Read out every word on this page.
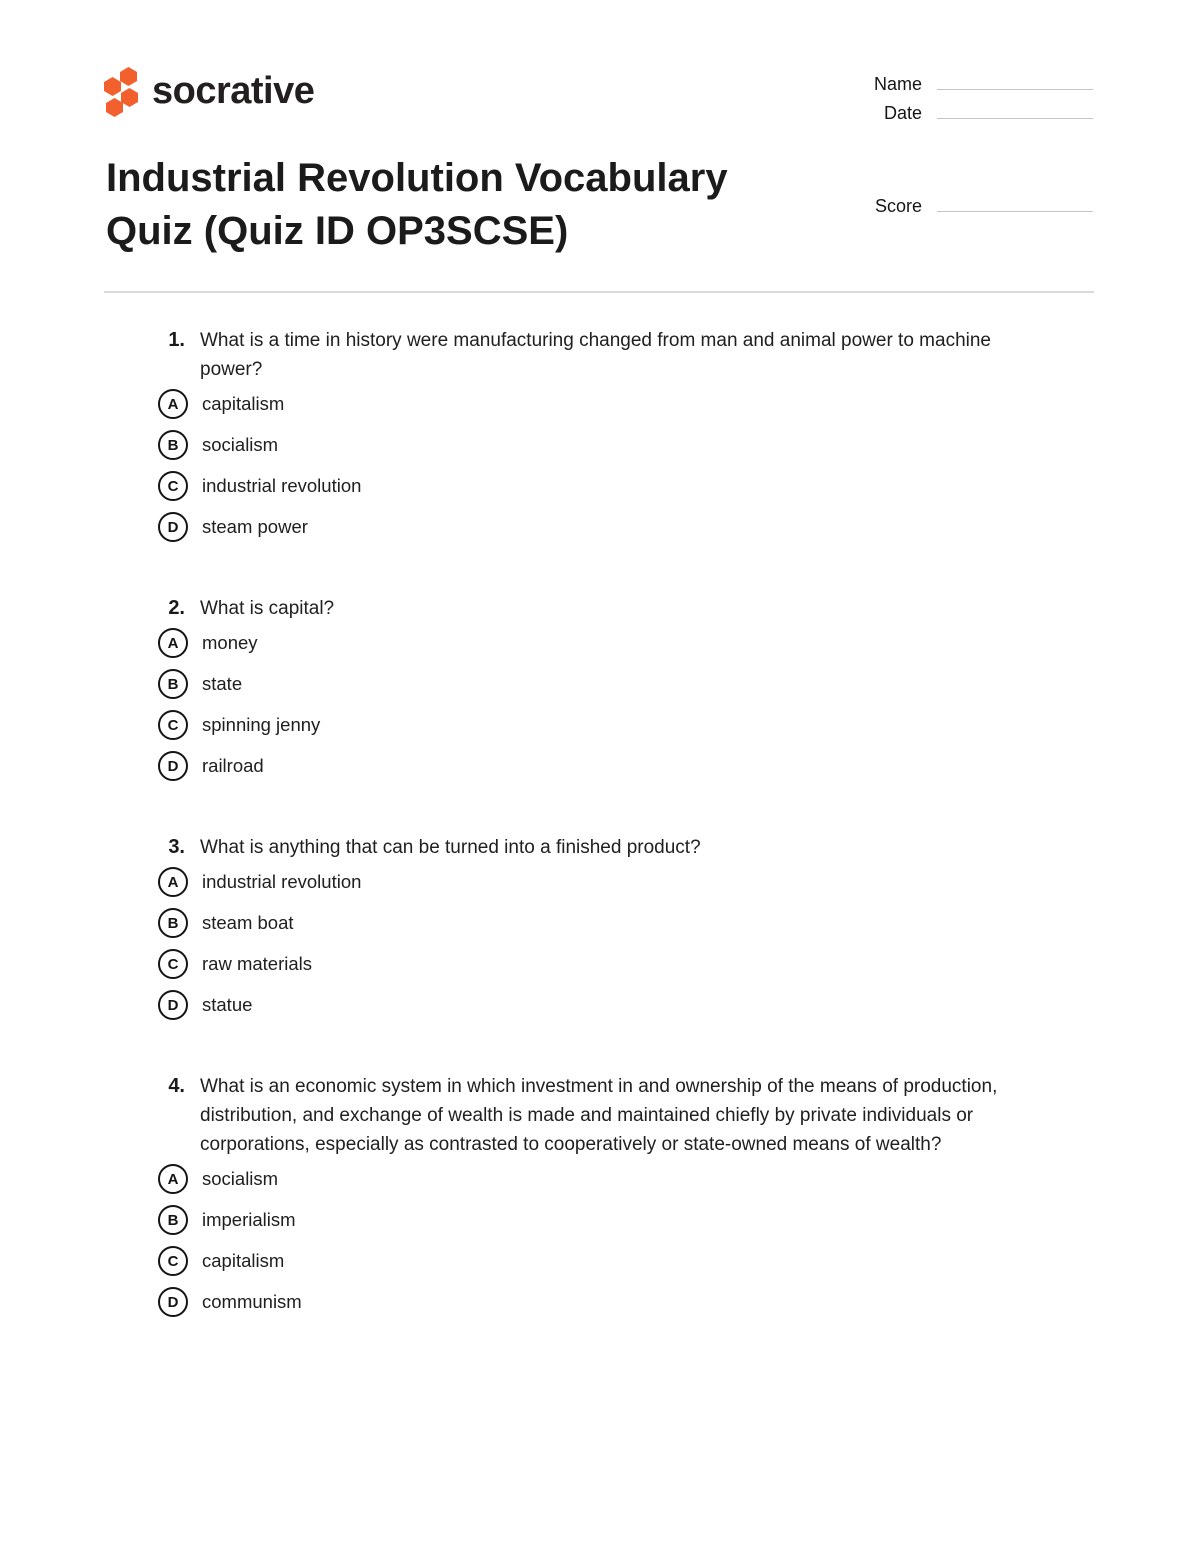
socrative	Name
Date
Industrial Revolution Vocabulary
Quiz (Quiz ID OP3SCSE)
Score
1. What is a time in history were manufacturing changed from man and animal power to machine
power?
A	capitalism
B	socialism
C	industrial revolution
D	steam power
2. What is capital?
A	money
B	state
C	spinning jenny
D	railroad
3. What is anything that can be turned into a finished product?
A	industrial revolution
B	steam boat
C	raw materials
D	statue
4. What is an economic system in which investment in and ownership of the means of production,
distribution, and exchange of wealth is made and maintained chiefly by private individuals or
corporations, especially as contrasted to cooperatively or state-owned means of wealth?
A	socialism
B	imperialism
C	capitalism
D	communism
